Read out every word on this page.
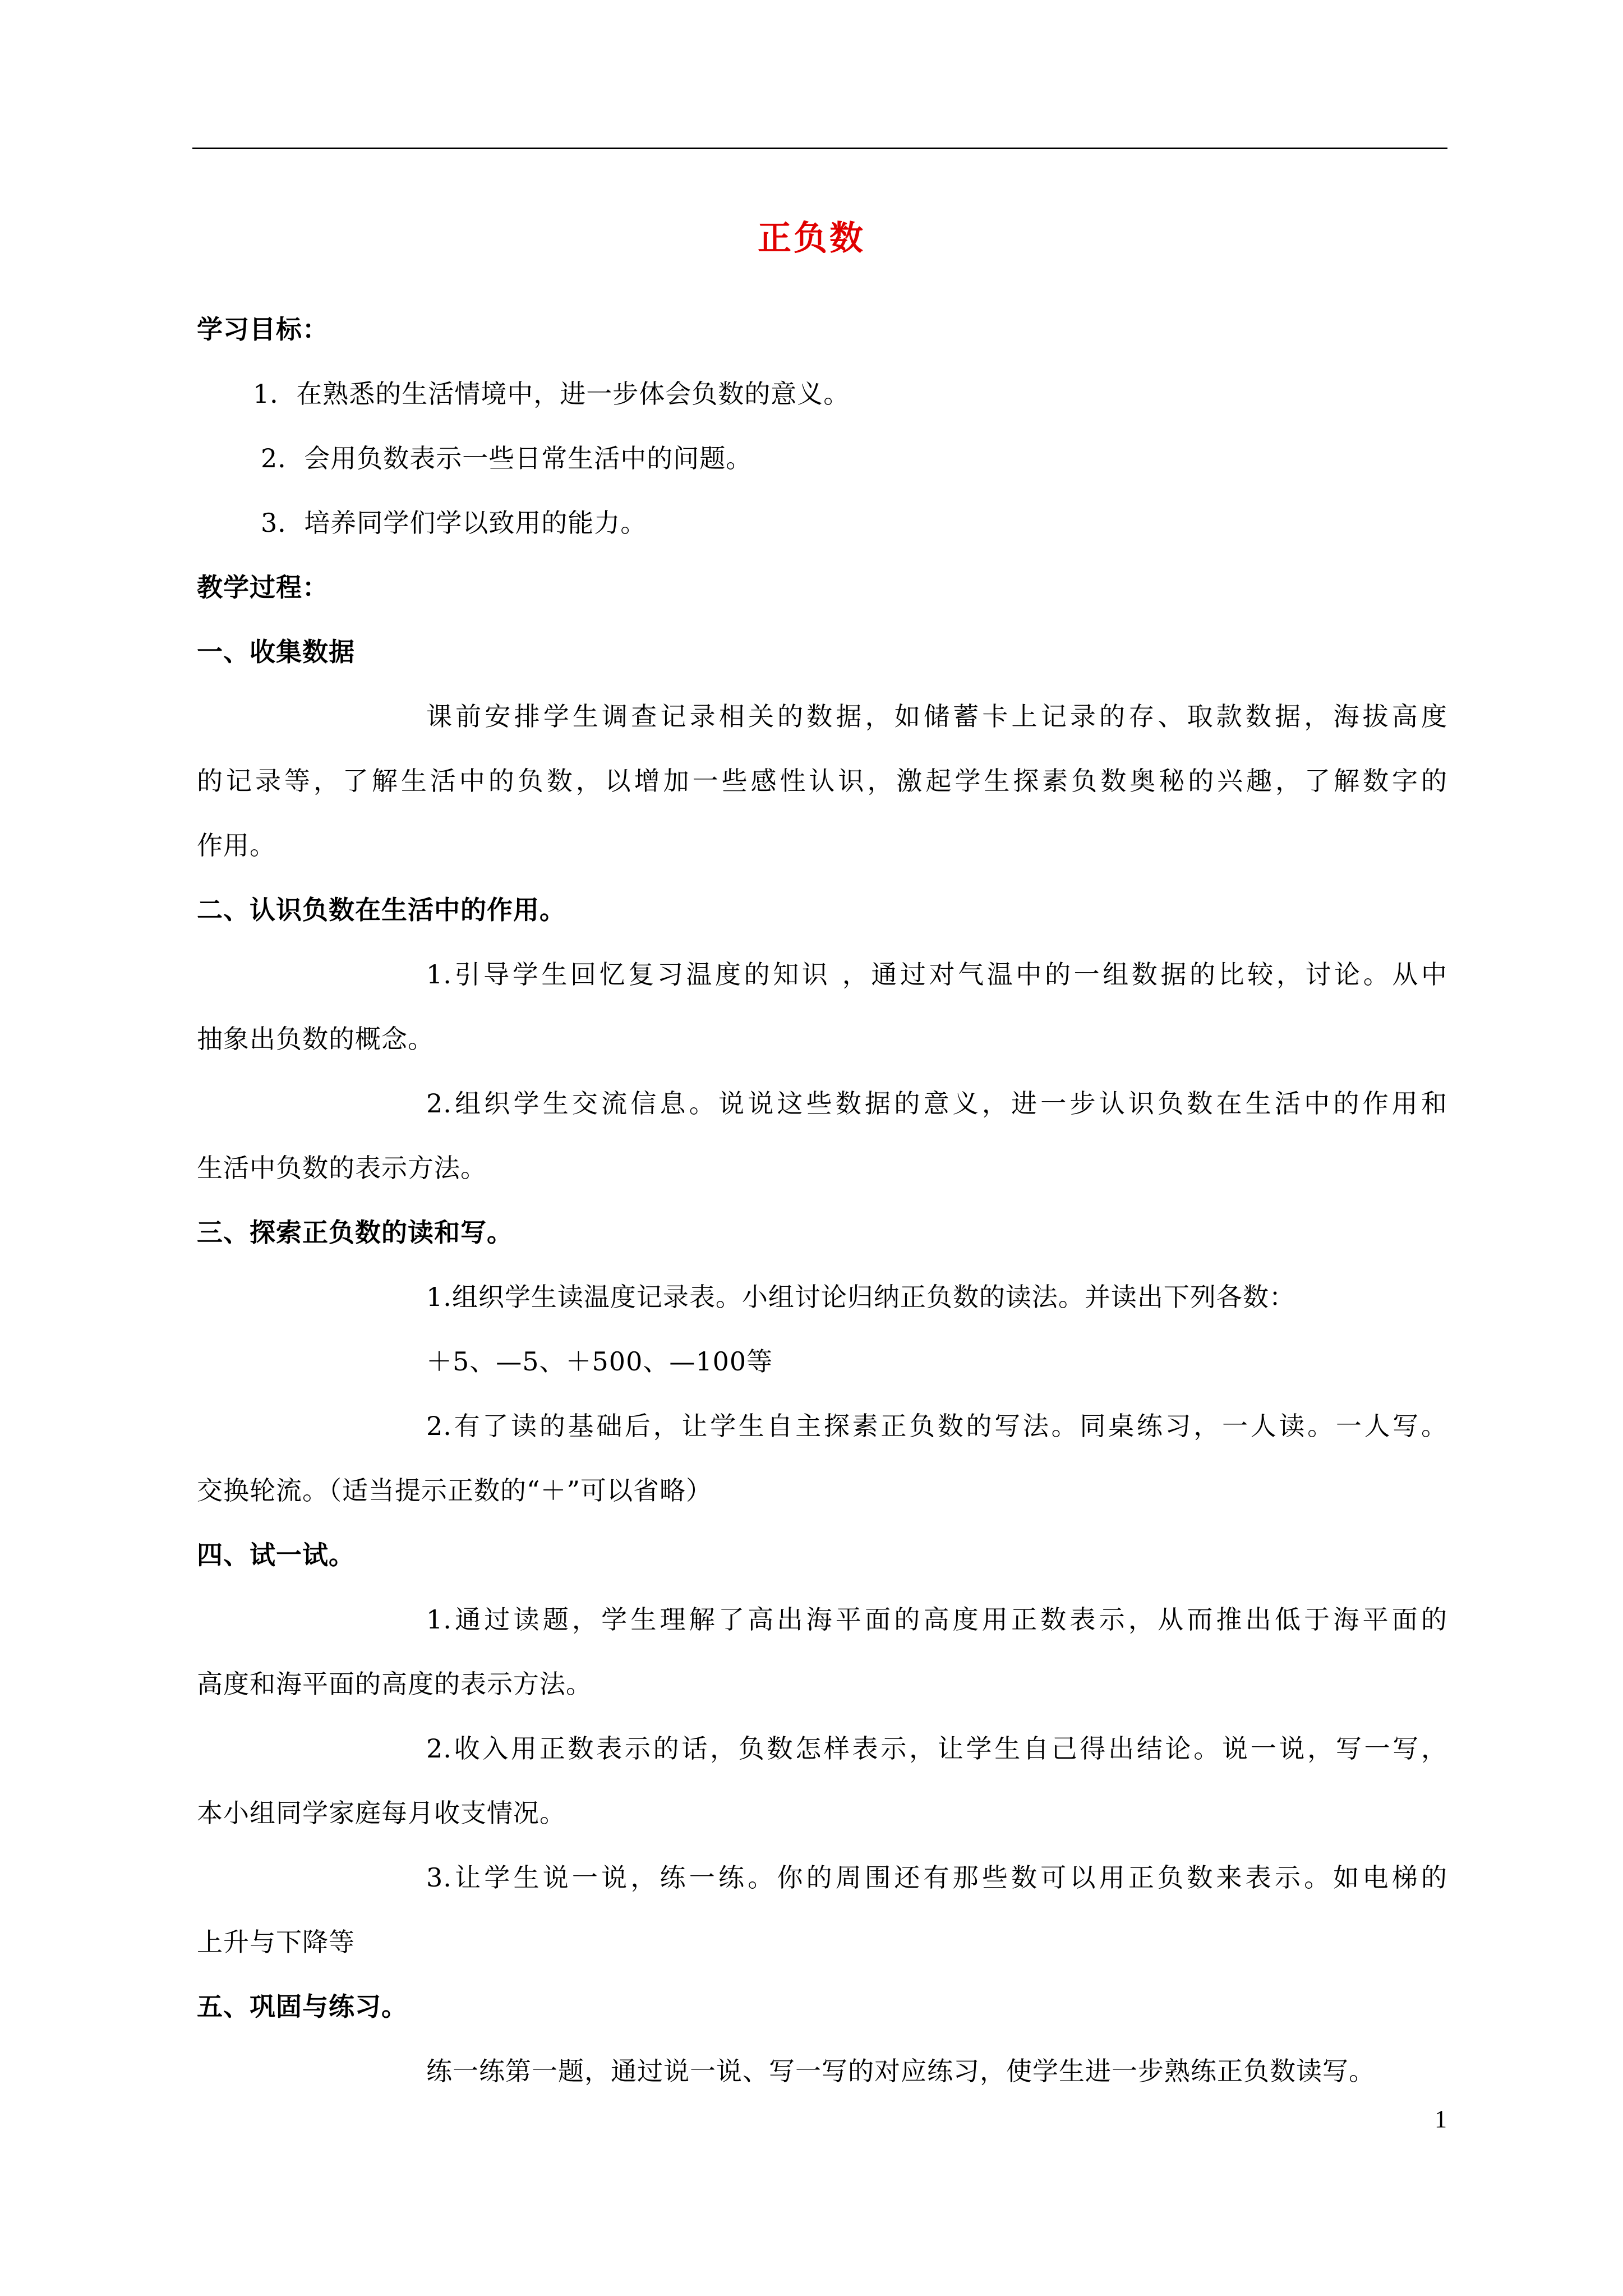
正负数
学习目标：
1．在熟悉的生活情境中，进一步体会负数的意义。
2．会用负数表示一些日常生活中的问题。
3．培养同学们学以致用的能力。
教学过程：
一、收集数据
课前安排学生调查记录相关的数据，如储蓄卡上记录的存、取款数据，海拔高度
的记录等，了解生活中的负数，以增加一些感性认识，激起学生探素负数奥秘的兴趣，了解数字的
作用。
二、认识负数在生活中的作用。
1.引导学生回忆复习温度的知识 ，通过对气温中的一组数据的比较，讨论。从中
抽象出负数的概念。
2.组织学生交流信息。说说这些数据的意义，进一步认识负数在生活中的作用和
生活中负数的表示方法。
三、探索正负数的读和写。
1.组织学生读温度记录表。小组讨论归纳正负数的读法。并读出下列各数：
＋5、—5、＋500、—100等
2.有了读的基础后，让学生自主探素正负数的写法。同桌练习，一人读。一人写。
交换轮流。（适当提示正数的“＋”可以省略）
四、试一试。
1.通过读题，学生理解了高出海平面的高度用正数表示，从而推出低于海平面的
高度和海平面的高度的表示方法。
2.收入用正数表示的话，负数怎样表示，让学生自己得出结论。说一说，写一写，
本小组同学家庭每月收支情况。
3.让学生说一说，练一练。你的周围还有那些数可以用正负数来表示。如电梯的
上升与下降等
五、巩固与练习。
练一练第一题，通过说一说、写一写的对应练习，使学生进一步熟练正负数读写。
1
